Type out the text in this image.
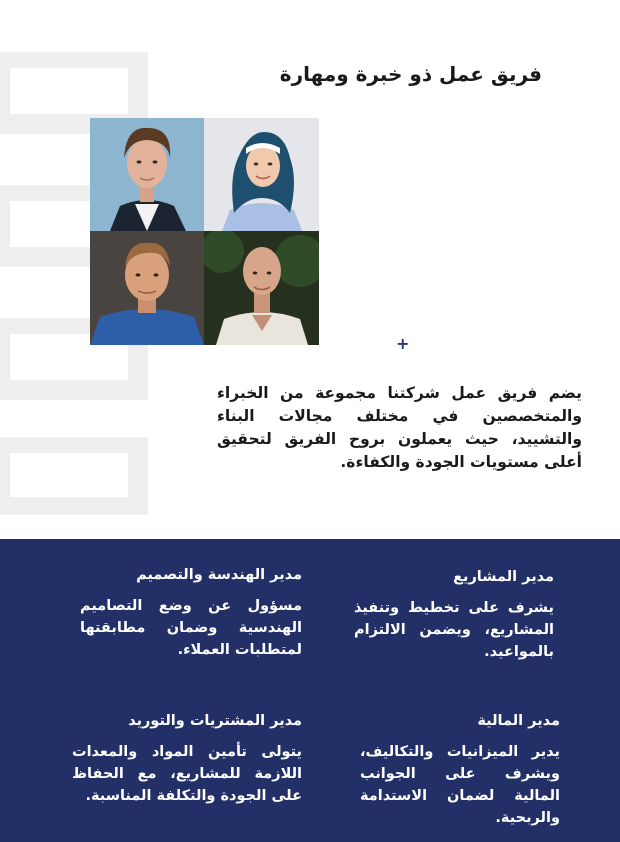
فريق عمل ذو خبرة ومهارة
+
يضم فريق عمل شركتنا مجموعة من الخبراء والمتخصصين في مختلف مجالات البناء والتشييد، حيث يعملون بروح الفريق لتحقيق أعلى مستويات الجودة والكفاءة.
مدير المشاريع
يشرف على تخطيط وتنفيذ المشاريع، ويضمن الالتزام بالمواعيد.
مدير الهندسة والتصميم
مسؤول عن وضع التصاميم الهندسية وضمان مطابقتها لمتطلبات العملاء.
مدير المالية
يدير الميزانيات والتكاليف، ويشرف على الجوانب المالية لضمان الاستدامة والربحية.
مدير المشتريات والتوريد
يتولى تأمين المواد والمعدات اللازمة للمشاريع، مع الحفاظ على الجودة والتكلفة المناسبة.
